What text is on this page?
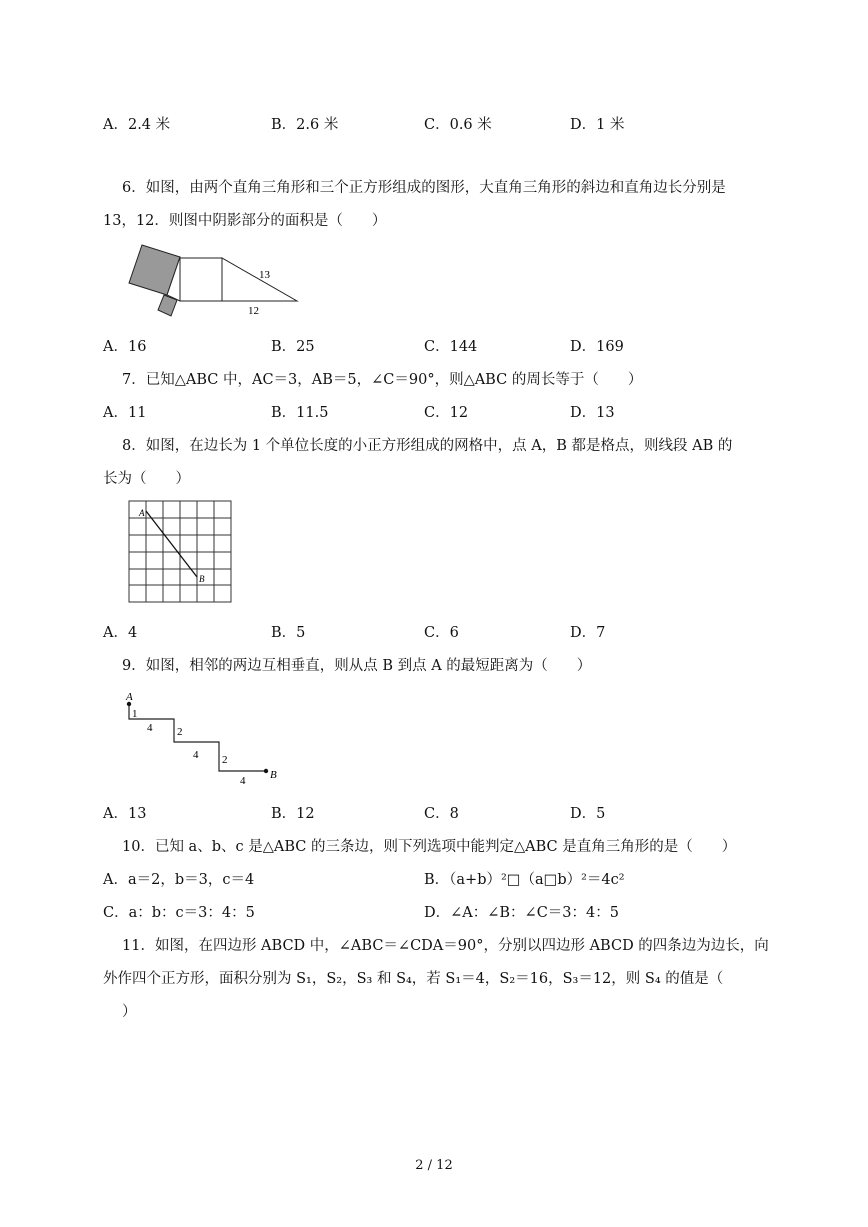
A．2.4 米	B．2.6 米	C．0.6 米	D．1 米
6．如图，由两个直角三角形和三个正方形组成的图形，大直角三角形的斜边和直角边长分别是
13，12．则图中阴影部分的面积是（　　）
13
12
A．16	B．25	C．144	D．169
7．已知△ABC 中，AC＝3，AB＝5，∠C＝90°，则△ABC 的周长等于（　　）
A．11	B．11.5	C．12	D．13
8．如图，在边长为 1 个单位长度的小正方形组成的网格中，点 A，B 都是格点，则线段 AB 的
长为（　　）
A
B
A．4	B．5	C．6	D．7
9．如图，相邻的两边互相垂直，则从点 B 到点 A 的最短距离为（　　）
A
B
1
4 2
4 2
4
A．13	B．12	C．8	D．5
10．已知 a、b、c 是△ABC 的三条边，则下列选项中能判定△ABC 是直角三角形的是（　　）
A．a＝2，b＝3，c＝4	B．（a+b）²□（a□b）²＝4c²
C．a：b：c＝3：4：5	D．∠A：∠B：∠C＝3：4：5
11．如图，在四边形 ABCD 中，∠ABC＝∠CDA＝90°，分别以四边形 ABCD 的四条边为边长，向
外作四个正方形，面积分别为 S₁，S₂，S₃ 和 S₄，若 S₁＝4，S₂＝16，S₃＝12，则 S₄ 的值是（
）
2 / 12
